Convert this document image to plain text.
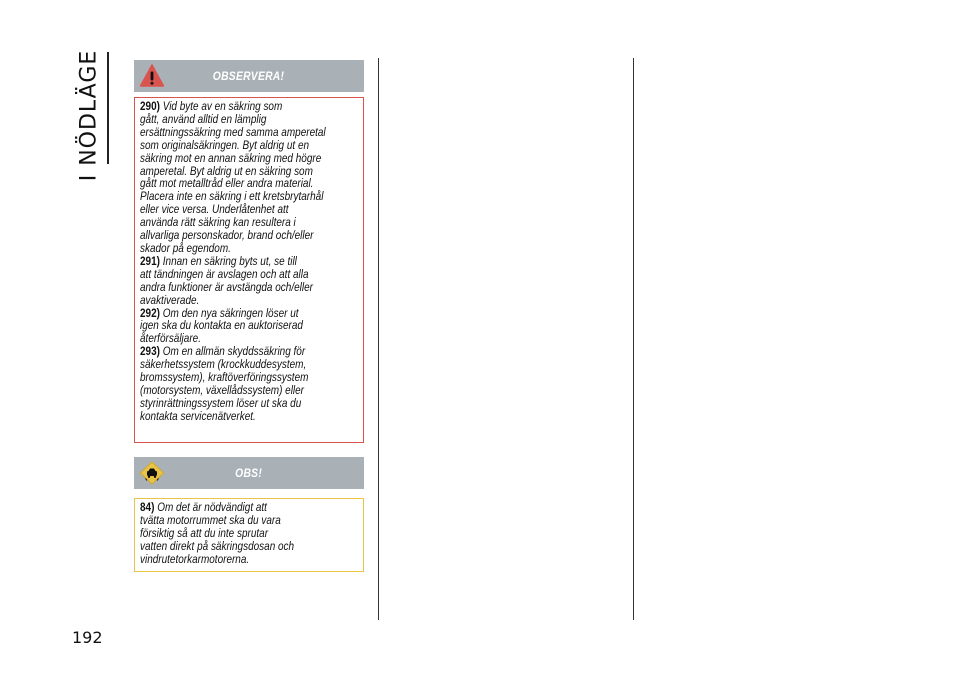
I NÖDLÄGE
192
OBSERVERA!

290) Vid byte av en säkring som
gått, använd alltid en lämplig
ersättningssäkring med samma amperetal
som originalsäkringen. Byt aldrig ut en
säkring mot en annan säkring med högre
amperetal. Byt aldrig ut en säkring som
gått mot metalltråd eller andra material.
Placera inte en säkring i ett kretsbrytarhål
eller vice versa. Underlåtenhet att
använda rätt säkring kan resultera i
allvarliga personskador, brand och/eller
skador på egendom.
291) Innan en säkring byts ut, se till
att tändningen är avslagen och att alla
andra funktioner är avstängda och/eller
avaktiverade.
292) Om den nya säkringen löser ut
igen ska du kontakta en auktoriserad
återförsäljare.
293) Om en allmän skyddssäkring för
säkerhetssystem (krockkuddesystem,
bromssystem), kraftöverföringssystem
(motorsystem, växellådssystem) eller
styrinrättningssystem löser ut ska du
kontakta servicenätverket.

OBS!

84) Om det är nödvändigt att
tvätta motorrummet ska du vara
försiktig så att du inte sprutar
vatten direkt på säkringsdosan och
vindrutetorkarmotorerna.
